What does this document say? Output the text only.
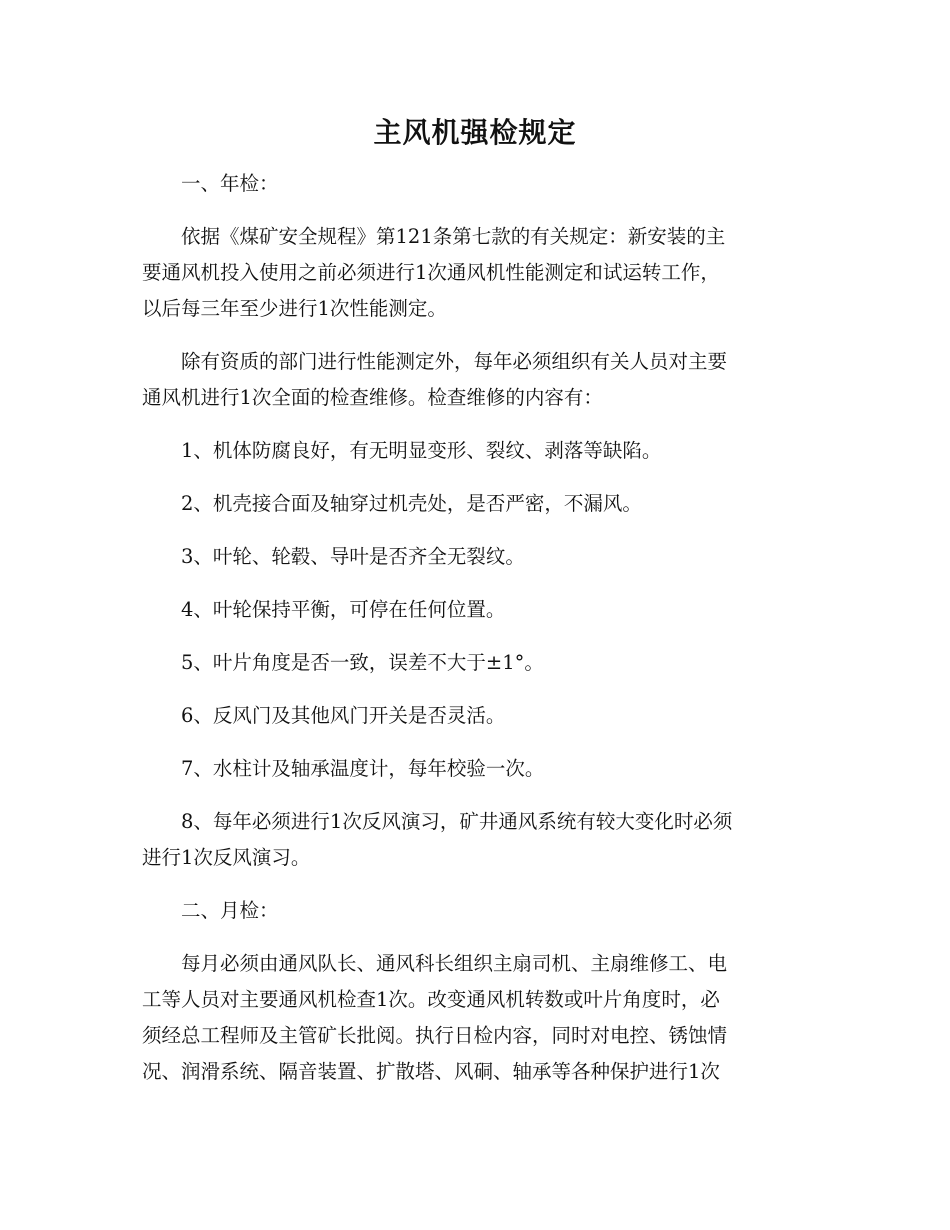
主风机强检规定

一、年检：

依据《煤矿安全规程》第121条第七款的有关规定：新安装的主
要通风机投入使用之前必须进行1次通风机性能测定和试运转工作，
以后每三年至少进行1次性能测定。

除有资质的部门进行性能测定外，每年必须组织有关人员对主要
通风机进行1次全面的检查维修。检查维修的内容有：

1、机体防腐良好，有无明显变形、裂纹、剥落等缺陷。

2、机壳接合面及轴穿过机壳处，是否严密，不漏风。

3、叶轮、轮毂、导叶是否齐全无裂纹。

4、叶轮保持平衡，可停在任何位置。

5、叶片角度是否一致，误差不大于±1°。

6、反风门及其他风门开关是否灵活。

7、水柱计及轴承温度计，每年校验一次。

8、每年必须进行1次反风演习，矿井通风系统有较大变化时必须
进行1次反风演习。

二、月检：

每月必须由通风队长、通风科长组织主扇司机、主扇维修工、电
工等人员对主要通风机检查1次。改变通风机转数或叶片角度时，必
须经总工程师及主管矿长批阅。执行日检内容，同时对电控、锈蚀情
况、润滑系统、隔音装置、扩散塔、风硐、轴承等各种保护进行1次
